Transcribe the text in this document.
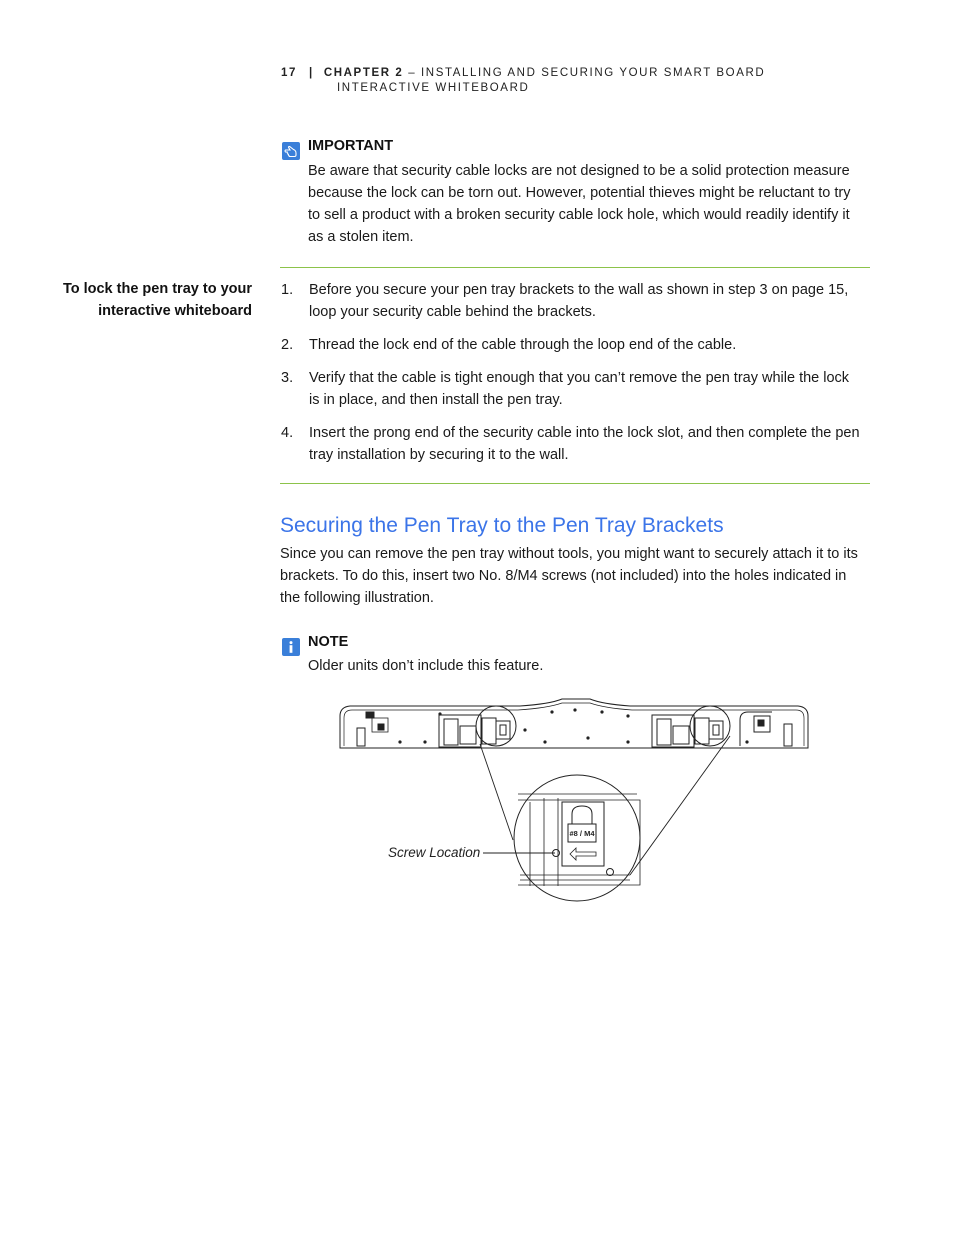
17 | CHAPTER 2 – INSTALLING AND SECURING YOUR SMART BOARD
INTERACTIVE WHITEBOARD
IMPORTANT
Be aware that security cable locks are not designed to be a solid protection measure because the lock can be torn out. However, potential thieves might be reluctant to try to sell a product with a broken security cable lock hole, which would readily identify it as a stolen item.
To lock the pen tray to your interactive whiteboard
1. Before you secure your pen tray brackets to the wall as shown in step 3 on page 15, loop your security cable behind the brackets.
2. Thread the lock end of the cable through the loop end of the cable.
3. Verify that the cable is tight enough that you can’t remove the pen tray while the lock is in place, and then install the pen tray.
4. Insert the prong end of the security cable into the lock slot, and then complete the pen tray installation by securing it to the wall.
Securing the Pen Tray to the Pen Tray Brackets
Since you can remove the pen tray without tools, you might want to securely attach it to its brackets. To do this, insert two No. 8/M4 screws (not included) into the holes indicated in the following illustration.
NOTE
Older units don’t include this feature.
#8 / M4
Screw Location
